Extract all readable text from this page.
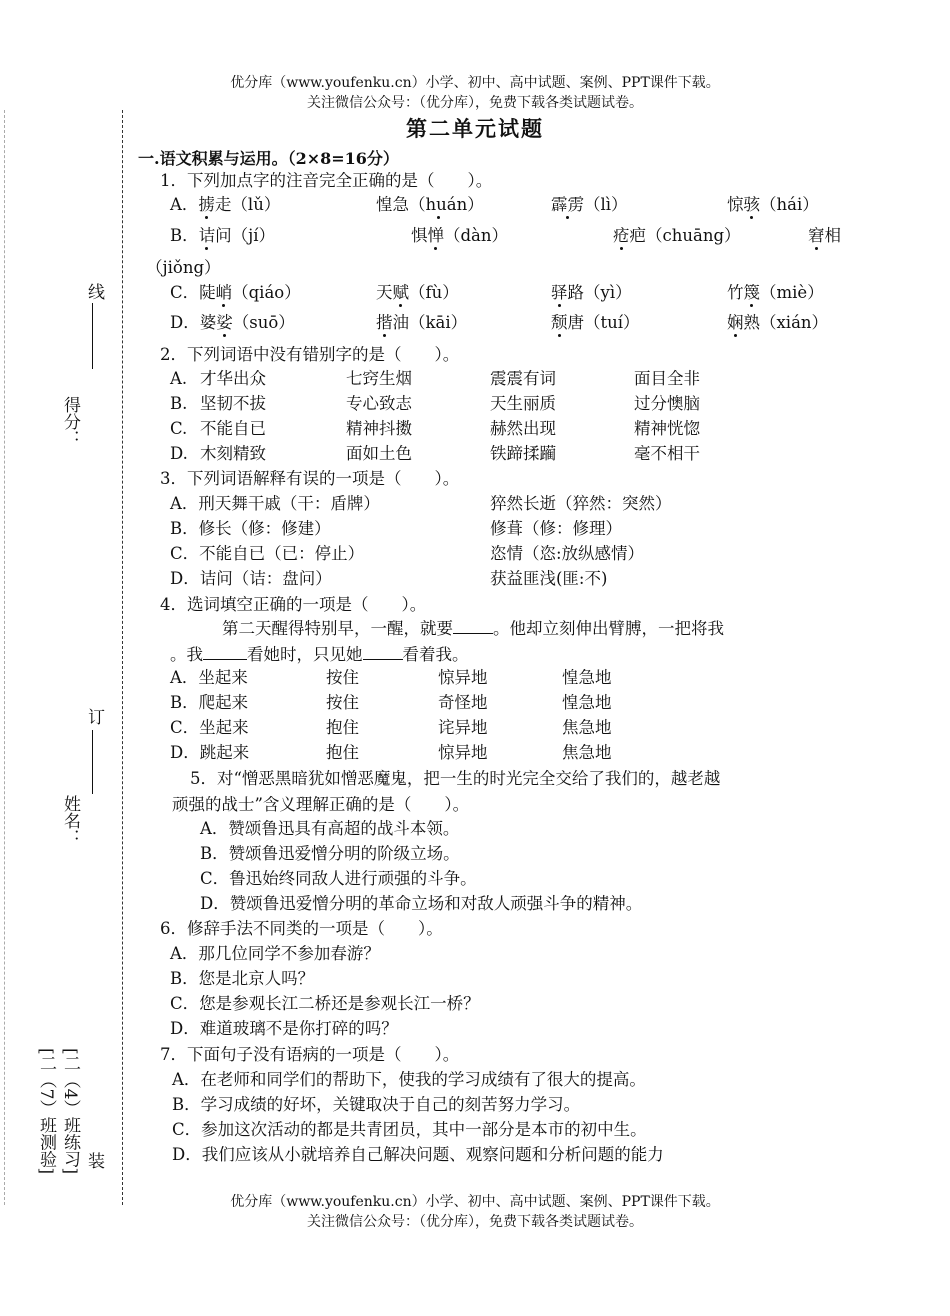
优分库（www.youfenku.cn）小学、初中、高中试题、案例、PPT课件下载。
关注微信公众号：（优分库），免费下载各类试题试卷。
第二单元试题
线
得分：
订
姓名：
[二（7）班测验] [二（4）班练习] 装
一.语文积累与运用。（2×8=16分）
1．下列加点字的注音完全正确的是（　　）。
A．掳走（lǔ）	惶急（huán）	霹雳（lì）	惊骇（hái）
B．诘问（jí）	惧惮（dàn）	疮疤（chuāng）	窘相
（jiǒng）
C．陡峭（qiáo）	天赋（fù）	驿路（yì）	竹篾（miè）
D．婆娑（suō）	揩油（kāi）	颓唐（tuí）	娴熟（xián）
2．下列词语中没有错别字的是（　　）。
A. 才华出众	七窍生烟	震震有词	面目全非
B. 坚韧不拔	专心致志	天生丽质	过分懊脑
C. 不能自已	精神抖擞	赫然出现	精神恍惚
D. 木刻精致	面如土色	铁蹄揉躏	毫不相干
3．下列词语解释有误的一项是（　　）。
A．刑天舞干戚（干：盾牌）	猝然长逝（猝然：突然）
B．修长（修：修建）	修葺（修：修理）
C．不能自已（已：停止）	恣情（恣:放纵感情）
D．诘问（诘：盘问）	获益匪浅(匪:不)
4．选词填空正确的一项是（　　）。
第二天醒得特别早，一醒，就要 。他却立刻伸出臂膊，一把将我
。我	看她时，只见她 看着我。
A．坐起来	按住	惊异地	惶急地
B．爬起来	按住	奇怪地	惶急地
C．坐起来	抱住	诧异地	焦急地
D．跳起来	抱住	惊异地	焦急地
5．对“憎恶黑暗犹如憎恶魔鬼，把一生的时光完全交给了我们的，越老越
顽强的战士”含义理解正确的是（　　）。
A．赞颂鲁迅具有高超的战斗本领。
B．赞颂鲁迅爱憎分明的阶级立场。
C．鲁迅始终同敌人进行顽强的斗争。
D．赞颂鲁迅爱憎分明的革命立场和对敌人顽强斗争的精神。
6．修辞手法不同类的一项是（　　）。
A．那几位同学不参加春游？
B．您是北京人吗？
C．您是参观长江二桥还是参观长江一桥？
D．难道玻璃不是你打碎的吗？
7．下面句子没有语病的一项是（　　）。
A．在老师和同学们的帮助下，使我的学习成绩有了很大的提高。
B．学习成绩的好坏，关键取决于自己的刻苦努力学习。
C．参加这次活动的都是共青团员，其中一部分是本市的初中生。
D．我们应该从小就培养自己解决问题、观察问题和分析问题的能力
优分库（www.youfenku.cn）小学、初中、高中试题、案例、PPT课件下载。
关注微信公众号：（优分库），免费下载各类试题试卷。
